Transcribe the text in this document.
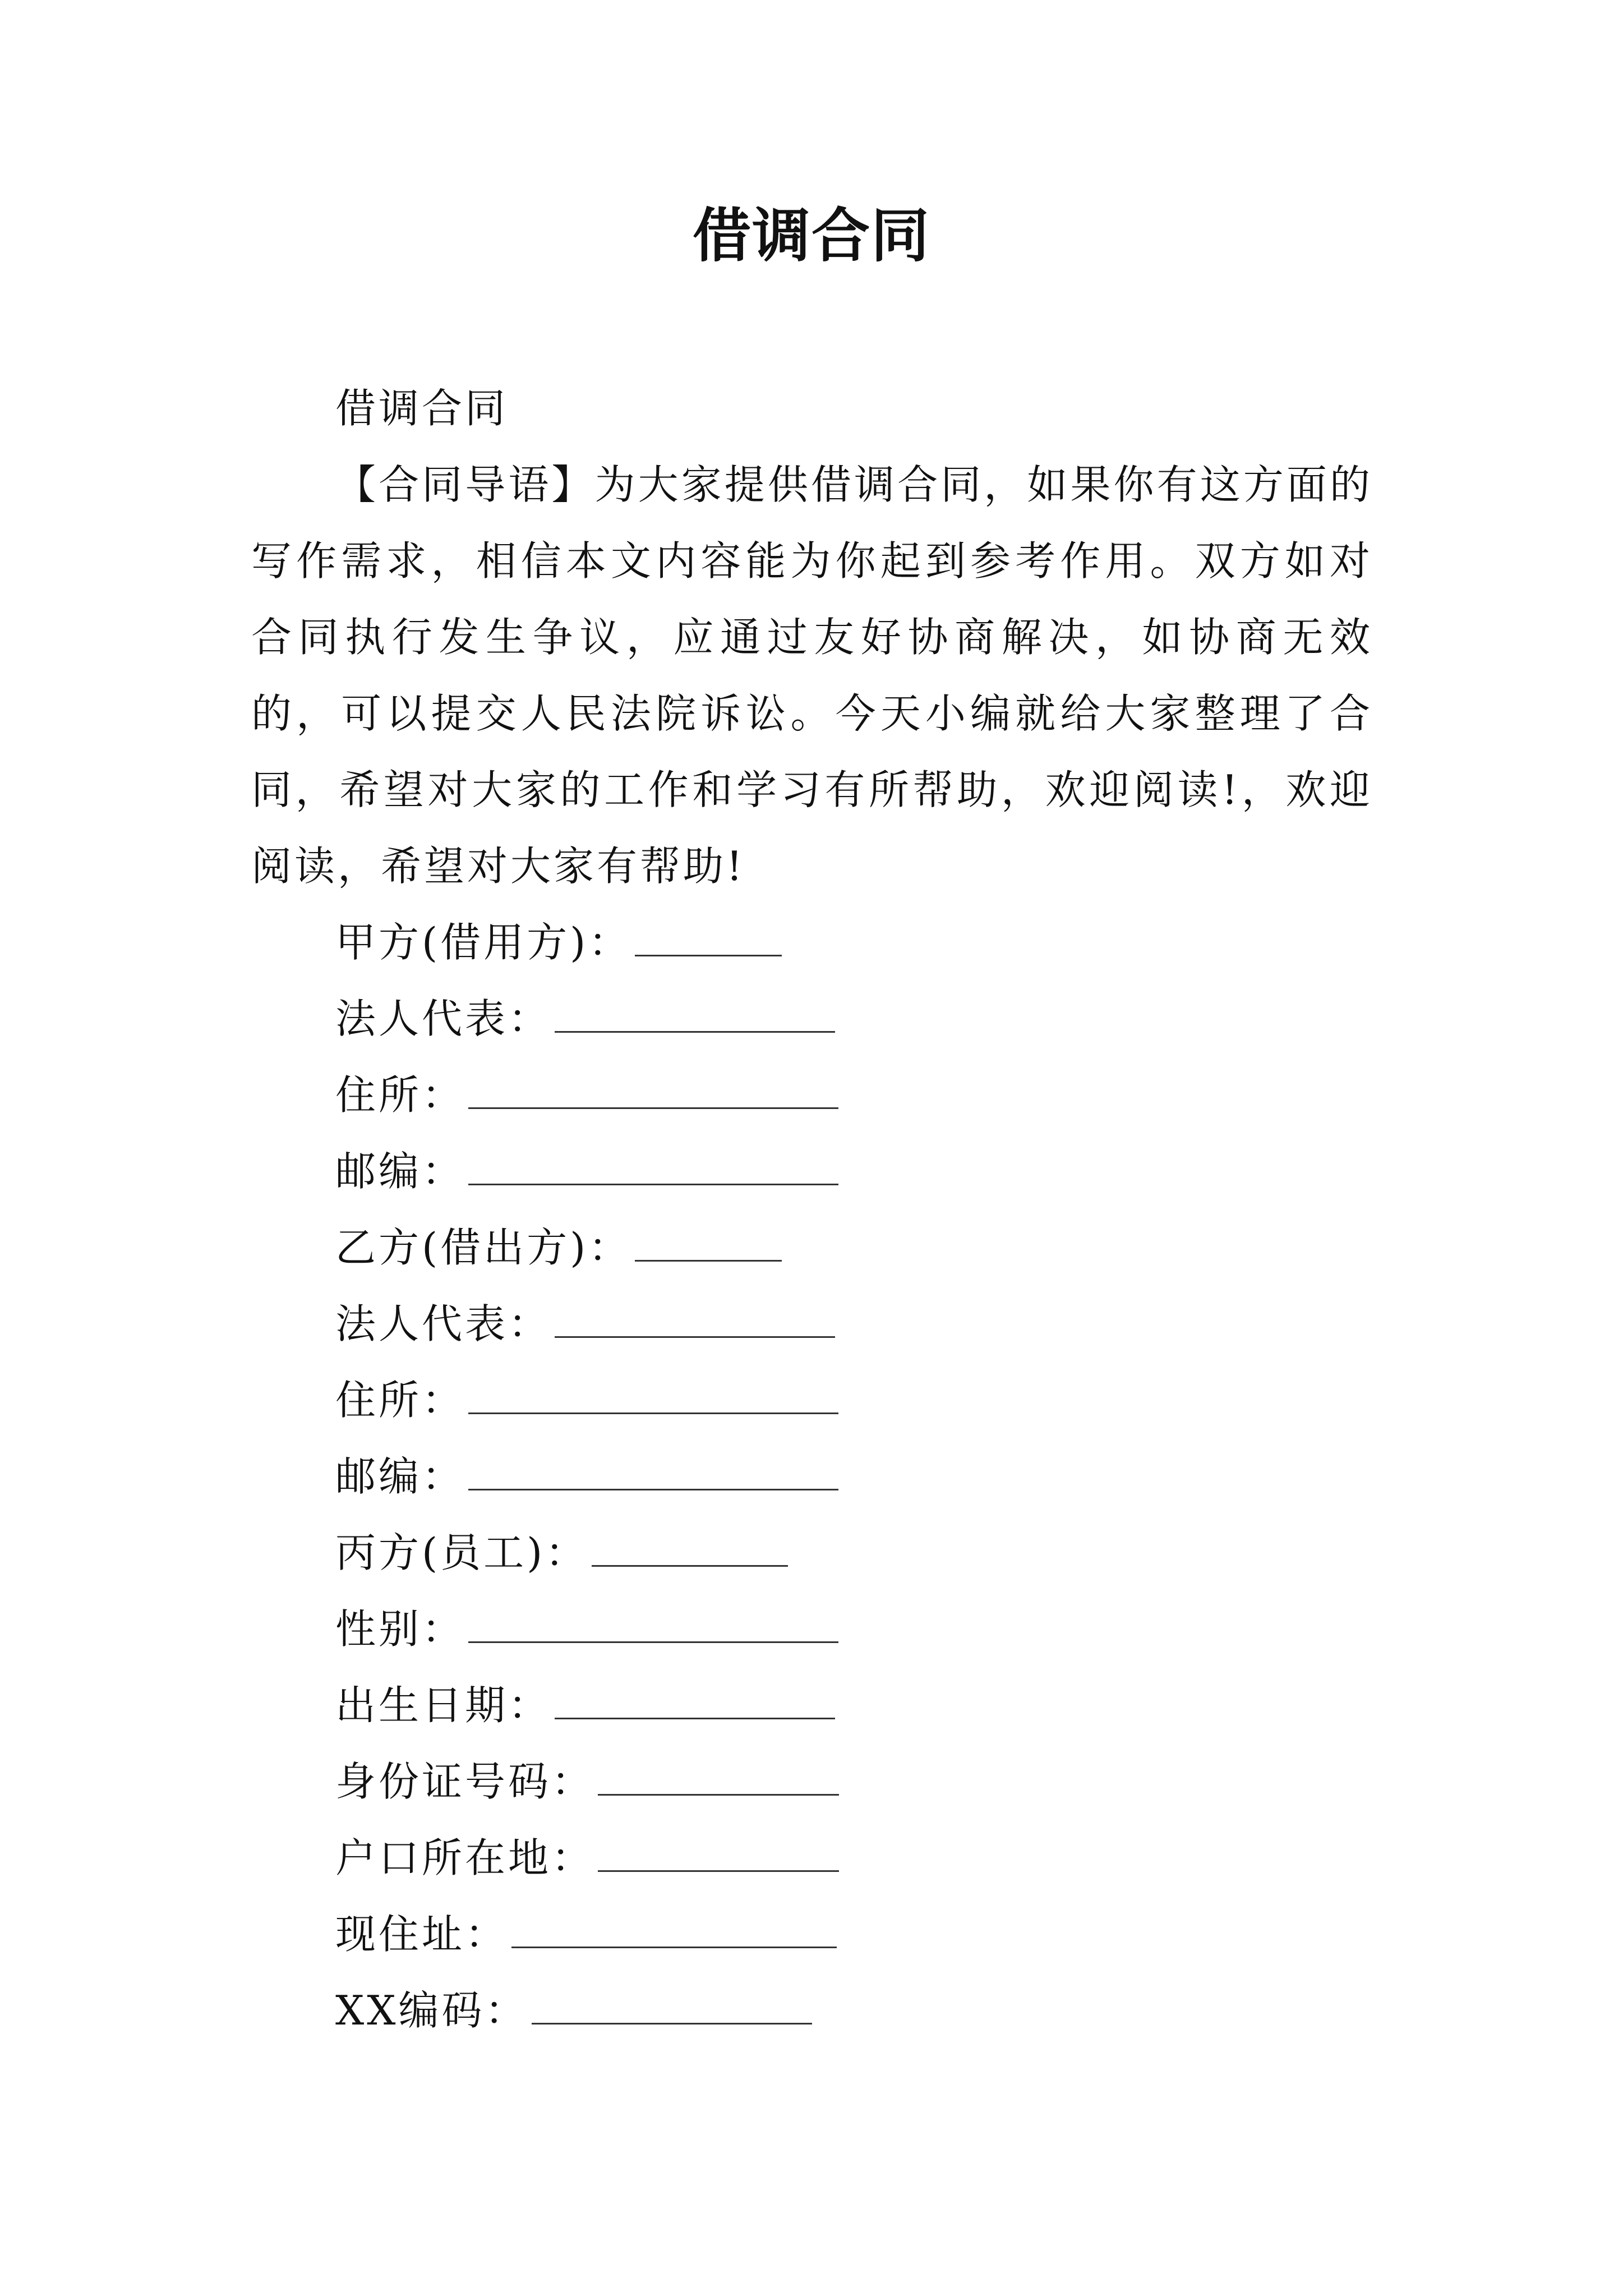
借调合同

借调合同

【合同导语】为大家提供借调合同，如果你有这方面的写作需求，相信本文内容能为你起到参考作用。双方如对合同执行发生争议，应通过友好协商解决，如协商无效的，可以提交人民法院诉讼。今天小编就给大家整理了合同，希望对大家的工作和学习有所帮助，欢迎阅读!，欢迎阅读，希望对大家有帮助!

甲方(借用方)：
法人代表：
住所：
邮编：
乙方(借出方)：
法人代表：
住所：
邮编：
丙方(员工)：
性别：
出生日期：
身份证号码：
户口所在地：
现住址：
XX编码：
